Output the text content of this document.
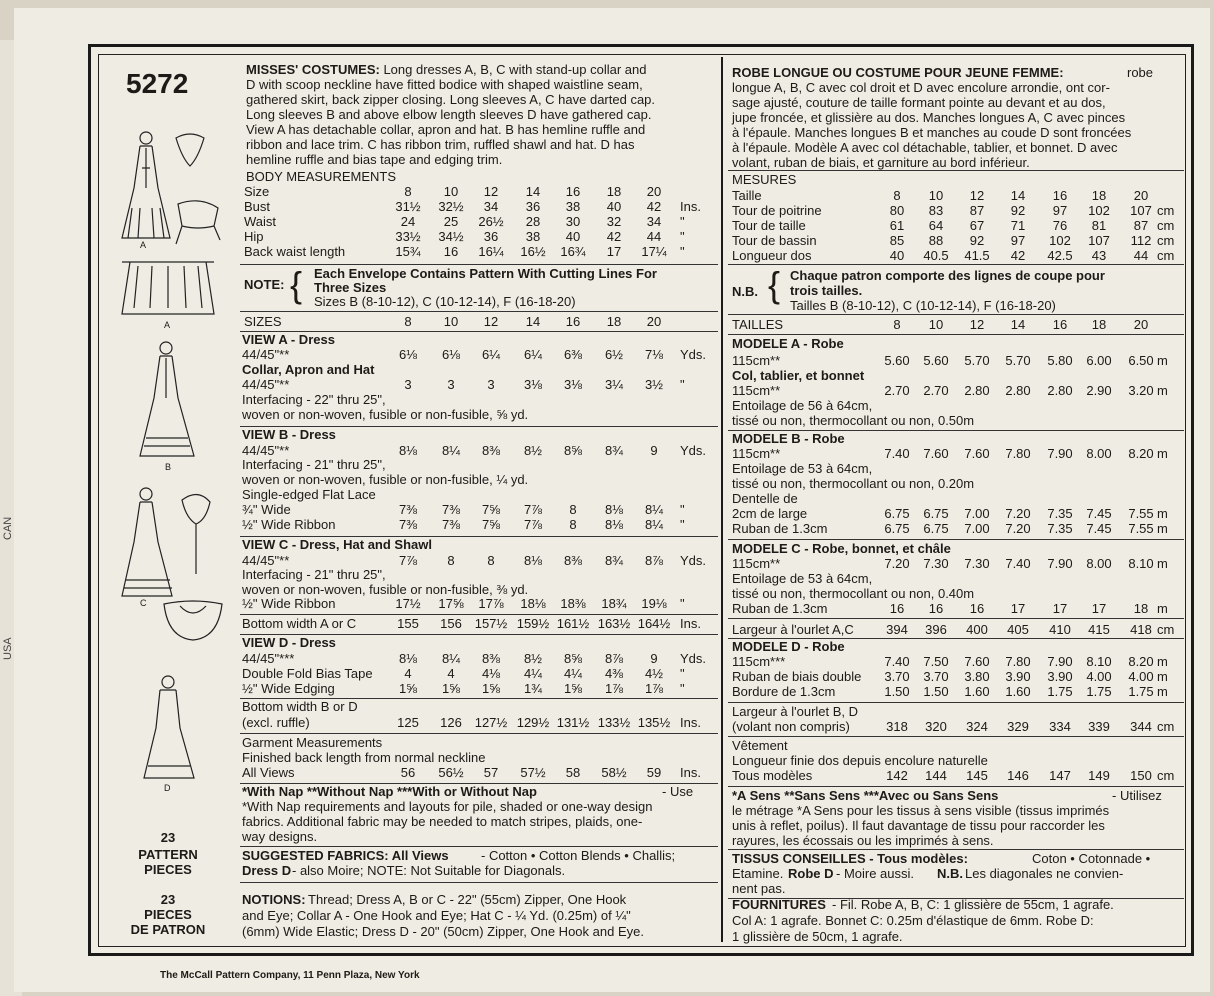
CAN
USA
5272
A
A
B
C
D
23
PATTERN
PIECES
23
PIECES
DE PATRON
MISSES' COSTUMES: Long dresses A, B, C with stand-up collar and
D with scoop neckline have fitted bodice with shaped waistline seam,
gathered skirt, back zipper closing. Long sleeves A, C have darted cap.
Long sleeves B and above elbow length sleeves D have gathered cap.
View A has detachable collar, apron and hat. B has hemline ruffle and
ribbon and lace trim. C has ribbon trim, ruffled shawl and hat. D has
hemline ruffle and bias tape and edging trim.
BODY MEASUREMENTS
Size	8	10	12	14	16	18	20
Bust	31½	32½	34	36	38	40	42	Ins.
Waist	24	25	26½	28	30	32	34	"
Hip	33½	34½	36	38	40	42	44	"
Back waist length	15¾	16	16¼	16½	16¾	17	17¼	"
NOTE: { Each Envelope Contains Pattern With Cutting Lines For
Three Sizes
Sizes B (8-10-12), C (10-12-14), F (16-18-20)
SIZES	8	10	12	14	16	18	20
VIEW A - Dress
44/45"**	6⅛	6⅛	6¼	6¼	6⅜	6½	7⅛	Yds.
Collar, Apron and Hat
44/45"**	3	3	3	3⅛	3⅛	3¼	3½	"
Interfacing - 22" thru 25",
woven or non-woven, fusible or non-fusible, ⅝ yd.
VIEW B - Dress
44/45"**	8⅛	8¼	8⅜	8½	8⅝	8¾	9	Yds.
Interfacing - 21" thru 25",
woven or non-woven, fusible or non-fusible, ¼ yd.
Single-edged Flat Lace
¾" Wide	7⅜	7⅜	7⅝	7⅞	8	8⅛	8¼	"
½" Wide Ribbon	7⅜	7⅜	7⅝	7⅞	8	8⅛	8¼	"
VIEW C - Dress, Hat and Shawl
44/45"**	7⅞	8	8	8⅛	8⅜	8¾	8⅞	Yds.
Interfacing - 21" thru 25",
woven or non-woven, fusible or non-fusible, ⅜ yd.
½" Wide Ribbon	17½	17⅝	17⅞	18⅛	18⅜	18¾	19⅛	"
Bottom width A or C	155	156 157½ 159½ 161½ 163½ 164½ Ins.
VIEW D - Dress
44/45"***	8⅛	8¼	8⅜	8½	8⅝	8⅞	9	Yds.
Double Fold Bias Tape	4	4	4⅛	4¼	4¼	4⅜	4½	"
½" Wide Edging	1⅝	1⅝	1⅝	1¾	1⅝	1⅞	1⅞	"
Bottom width B or D
(excl. ruffle)	125	126 127½ 129½ 131½ 133½ 135½ Ins.
Garment Measurements
Finished back length from normal neckline
All Views	56	56½	57	57½	58	58½	59	Ins.
*With Nap **Without Nap ***With or Without Nap	- Use
*With Nap requirements and layouts for pile, shaded or one-way design
fabrics. Additional fabric may be needed to match stripes, plaids, one-
way designs.
SUGGESTED FABRICS: All Views - Cotton • Cotton Blends • Challis;
Dress D - also Moire; NOTE: Not Suitable for Diagonals.
NOTIONS: Thread; Dress A, B or C - 22" (55cm) Zipper, One Hook
and Eye; Collar A - One Hook and Eye; Hat C - ¼ Yd. (0.25m) of ¼"
(6mm) Wide Elastic; Dress D - 20" (50cm) Zipper, One Hook and Eye.
ROBE LONGUE OU COSTUME POUR JEUNE FEMME:	robe
longue A, B, C avec col droit et D avec encolure arrondie, ont cor-
sage ajusté, couture de taille formant pointe au devant et au dos,
jupe froncée, et glissière au dos. Manches longues A, C avec pinces
à l'épaule. Manches longues B et manches au coude D sont froncées
à l'épaule. Modèle A avec col détachable, tablier, et bonnet. D avec
volant, ruban de biais, et garniture au bord inférieur.
MESURES
Taille	8	10	12	14	16	18	20
Tour de poitrine	80	83	87	92	97	102	107 cm
Tour de taille	61	64	67	71	76	81	87 cm
Tour de bassin	85	88	92	97	102	107	112 cm
Longueur dos	40	40.5	41.5	42	42.5	43	44 cm
N.B. { Chaque patron comporte des lignes de coupe pour
trois tailles.
Tailles B (8-10-12), C (10-12-14), F (16-18-20)
TAILLES	8	10	12	14	16	18	20
MODELE A - Robe
115cm**	5.60	5.60	5.70	5.70	5.80	6.00	6.50 m
Col, tablier, et bonnet
115cm**	2.70	2.70	2.80	2.80	2.80	2.90	3.20 m
Entoilage de 56 à 64cm,
tissé ou non, thermocollant ou non, 0.50m
MODELE B - Robe
115cm**	7.40	7.60	7.60	7.80	7.90	8.00	8.20 m
Entoilage de 53 à 64cm,
tissé ou non, thermocollant ou non, 0.20m
Dentelle de
2cm de large	6.75	6.75	7.00	7.20	7.35	7.45	7.55 m
Ruban de 1.3cm	6.75	6.75	7.00	7.20	7.35	7.45	7.55 m
MODELE C - Robe, bonnet, et châle
115cm**	7.20	7.30	7.30	7.40	7.90	8.00	8.10 m
Entoilage de 53 à 64cm,
tissé ou non, thermocollant ou non, 0.40m
Ruban de 1.3cm	16	16	16	17	17	17	18 m
Largeur à l'ourlet A,C	394	396	400	405	410	415	418 cm
MODELE D - Robe
115cm***	7.40	7.50	7.60	7.80	7.90	8.10	8.20 m
Ruban de biais double	3.70	3.70	3.80	3.90	3.90	4.00	4.00 m
Bordure de 1.3cm	1.50	1.50	1.60	1.60	1.75	1.75	1.75 m
Largeur à l'ourlet B, D
(volant non compris)	318	320	324	329	334	339	344 cm
Vêtement
Longueur finie dos depuis encolure naturelle
Tous modèles	142	144	145	146	147	149	150 cm
*A Sens **Sans Sens ***Avec ou Sans Sens	- Utilisez
le métrage *A Sens pour les tissus à sens visible (tissus imprimés
unis à reflet, poilus). Il faut davantage de tissu pour raccorder les
rayures, les écossais ou les imprimés à sens.
TISSUS CONSEILLES - Tous modèles:	Coton • Cotonnade •
Etamine. Robe D - Moire aussi. N.B. Les diagonales ne convien-
nent pas.
FOURNITURES - Fil. Robe A, B, C: 1 glissière de 55cm, 1 agrafe.
Col A: 1 agrafe. Bonnet C: 0.25m d'élastique de 6mm. Robe D:
1 glissière de 50cm, 1 agrafe.
The McCall Pattern Company, 11 Penn Plaza, New York
